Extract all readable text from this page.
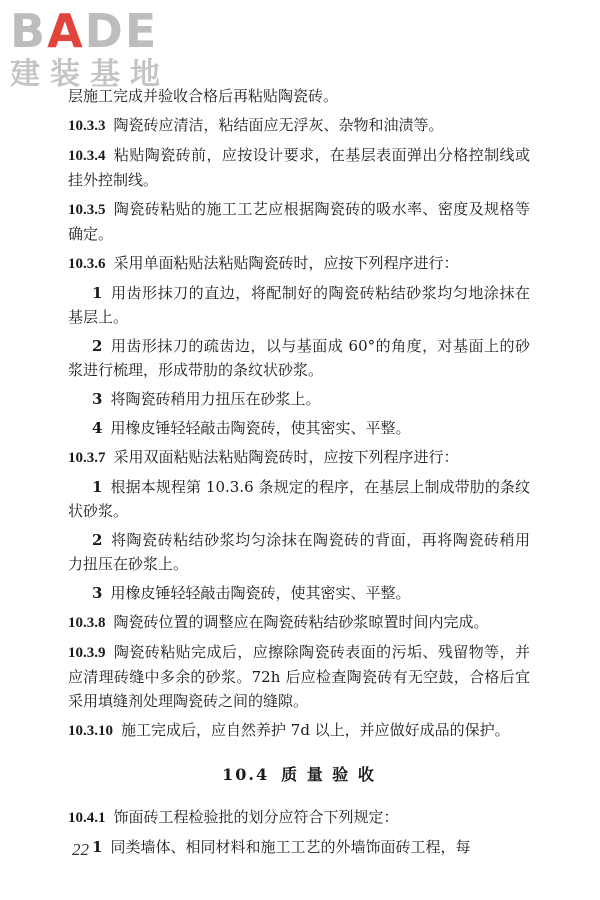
BADE
建装基地

层施工完成并验收合格后再粘贴陶瓷砖。

10.3.3 陶瓷砖应清洁，粘结面应无浮灰、杂物和油渍等。

10.3.4 粘贴陶瓷砖前，应按设计要求，在基层表面弹出分格控制线或挂外控制线。

10.3.5 陶瓷砖粘贴的施工工艺应根据陶瓷砖的吸水率、密度及规格等确定。

10.3.6 采用单面粘贴法粘贴陶瓷砖时，应按下列程序进行：

1 用齿形抹刀的直边，将配制好的陶瓷砖粘结砂浆均匀地涂抹在基层上。

2 用齿形抹刀的疏齿边，以与基面成 60°的角度，对基面上的砂浆进行梳理，形成带肋的条纹状砂浆。

3 将陶瓷砖稍用力扭压在砂浆上。

4 用橡皮锤轻轻敲击陶瓷砖，使其密实、平整。

10.3.7 采用双面粘贴法粘贴陶瓷砖时，应按下列程序进行：

1 根据本规程第 10.3.6 条规定的程序，在基层上制成带肋的条纹状砂浆。

2 将陶瓷砖粘结砂浆均匀涂抹在陶瓷砖的背面，再将陶瓷砖稍用力扭压在砂浆上。

3 用橡皮锤轻轻敲击陶瓷砖，使其密实、平整。

10.3.8 陶瓷砖位置的调整应在陶瓷砖粘结砂浆晾置时间内完成。

10.3.9 陶瓷砖粘贴完成后，应擦除陶瓷砖表面的污垢、残留物等，并应清理砖缝中多余的砂浆。72h 后应检查陶瓷砖有无空鼓，合格后宜采用填缝剂处理陶瓷砖之间的缝隙。

10.3.10 施工完成后，应自然养护 7d 以上，并应做好成品的保护。

10.4 质 量 验 收

10.4.1 饰面砖工程检验批的划分应符合下列规定：

1 同类墙体、相同材料和施工工艺的外墙饰面砖工程，每

22
